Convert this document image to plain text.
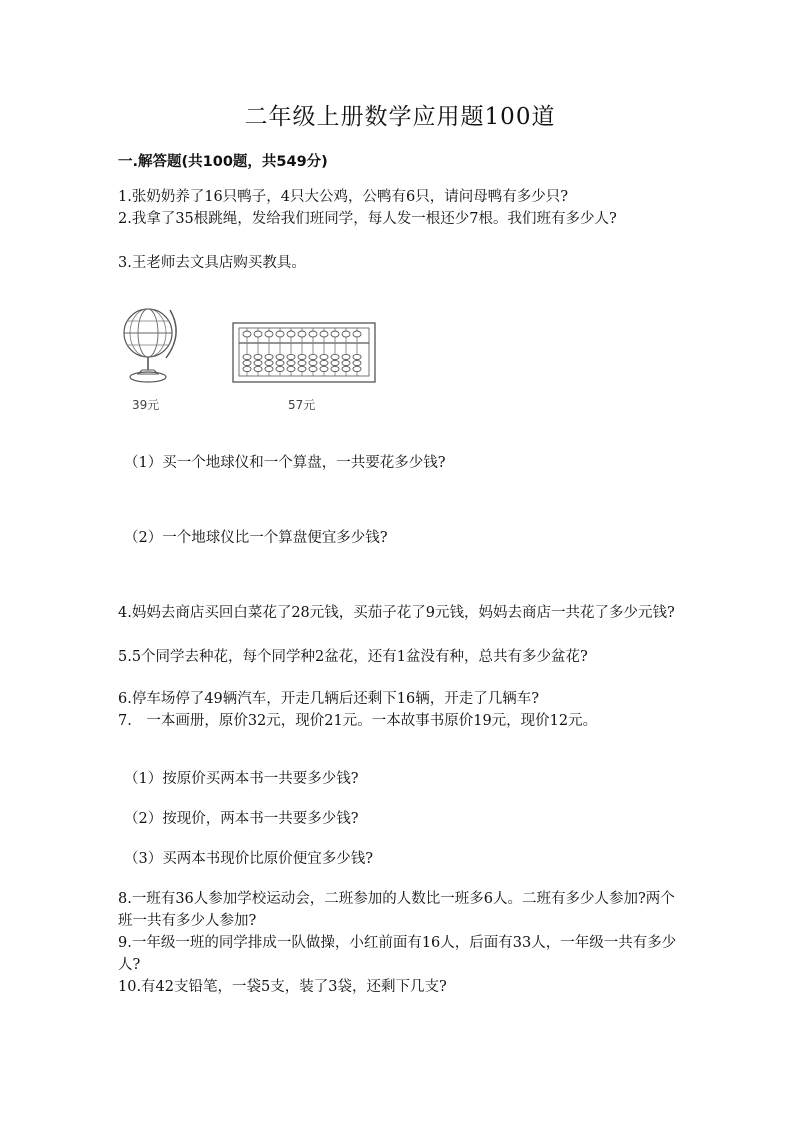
二年级上册数学应用题100道
一.解答题(共100题，共549分)

1.张奶奶养了16只鸭子，4只大公鸡，公鸭有6只，请问母鸭有多少只?

2.我拿了35根跳绳，发给我们班同学，每人发一根还少7根。我们班有多少人?

3.王老师去文具店购买教具。

39元	57元

（1）买一个地球仪和一个算盘，一共要花多少钱?

（2）一个地球仪比一个算盘便宜多少钱?

4.妈妈去商店买回白菜花了28元钱，买茄子花了9元钱，妈妈去商店一共花了多少元钱?

5.5个同学去种花，每个同学种2盆花，还有1盆没有种，总共有多少盆花?

6.停车场停了49辆汽车，开走几辆后还剩下16辆，开走了几辆车?

7.　一本画册，原价32元，现价21元。一本故事书原价19元，现价12元。

（1）按原价买两本书一共要多少钱?

（2）按现价，两本书一共要多少钱?

（3）买两本书现价比原价便宜多少钱?

8.一班有36人参加学校运动会，二班参加的人数比一班多6人。二班有多少人参加?两个班一共有多少人参加?

9.一年级一班的同学排成一队做操，小红前面有16人，后面有33人，一年级一共有多少人?

10.有42支铅笔，一袋5支，装了3袋，还剩下几支?
